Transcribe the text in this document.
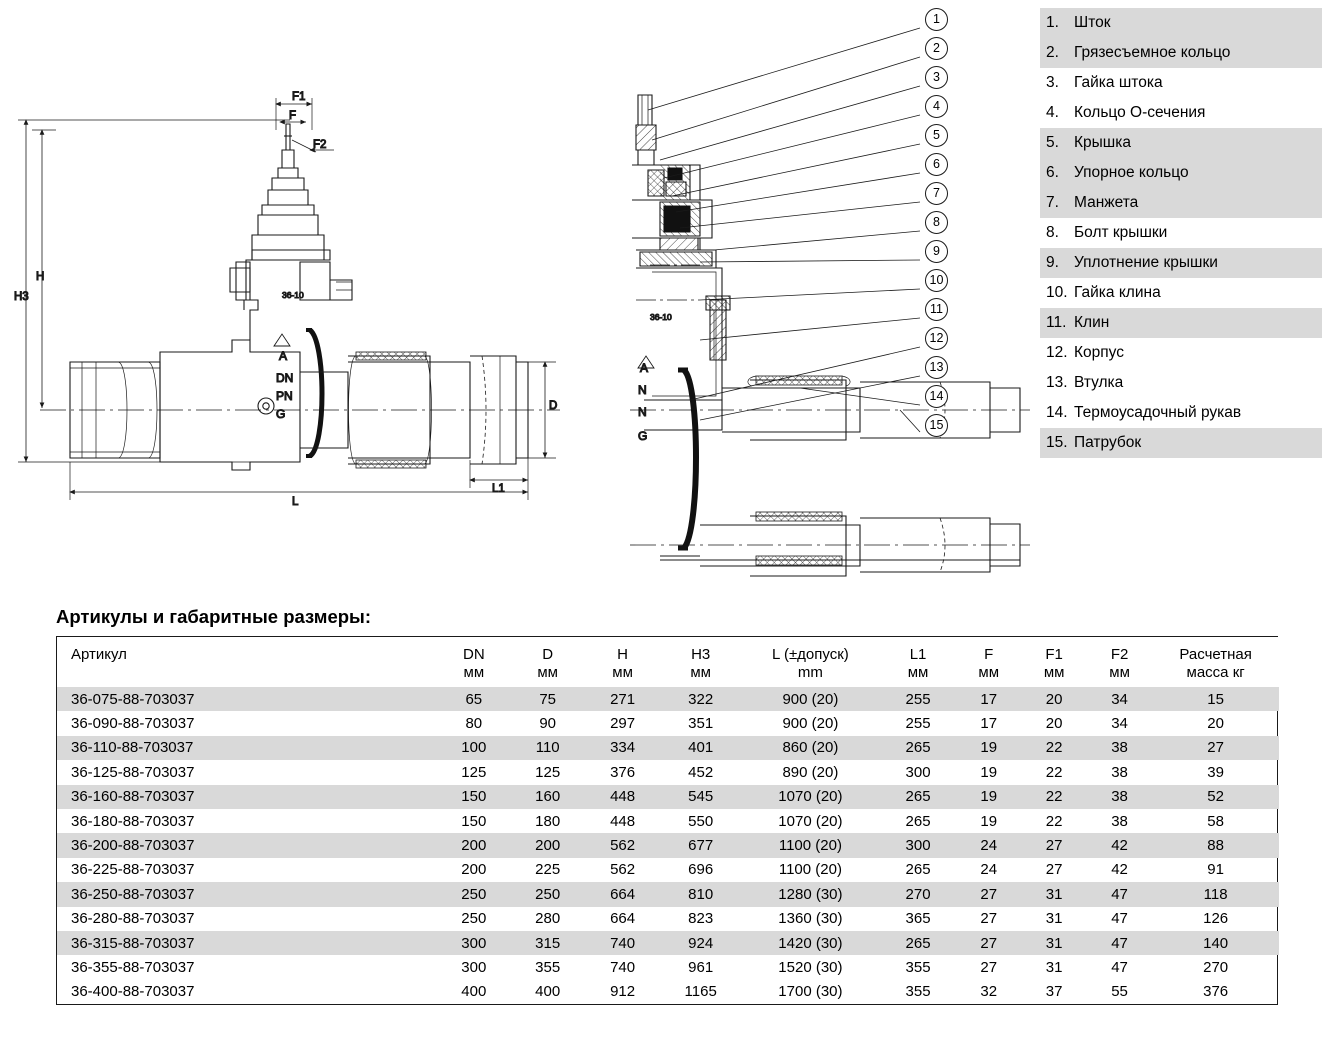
36-10
A
DN
PN
G
D
H
H3
L
L1
F1
F
F2
36-10
N
N
G
A
1
2
3
4
5
6
7
8
9
10
11
12
13
14
15
1. Шток
2. Грязесъемное кольцо
3. Гайка штока
4. Кольцо О-сечения
5. Крышка
6. Упорное кольцо
7. Манжета
8. Болт крышки
9. Уплотнение крышки
10. Гайка клина
11. Клин
12. Корпус
13. Втулка
14. Термоусадочный рукав
15. Патрубок
Артикулы и габаритные размеры:
Артикул	DN	D	H	H3	L (±допуск)	L1	F	F1	F2	Расчетная
	мм	мм	мм	мм	mm	мм	мм	мм	мм	масса кг
36-075-88-703037	65	75	271	322	900 (20)	255	17	20	34	15
36-090-88-703037	80	90	297	351	900 (20)	255	17	20	34	20
36-110-88-703037	100	110	334	401	860 (20)	265	19	22	38	27
36-125-88-703037	125	125	376	452	890 (20)	300	19	22	38	39
36-160-88-703037	150	160	448	545	1070 (20)	265	19	22	38	52
36-180-88-703037	150	180	448	550	1070 (20)	265	19	22	38	58
36-200-88-703037	200	200	562	677	1100 (20)	300	24	27	42	88
36-225-88-703037	200	225	562	696	1100 (20)	265	24	27	42	91
36-250-88-703037	250	250	664	810	1280 (30)	270	27	31	47	118
36-280-88-703037	250	280	664	823	1360 (30)	365	27	31	47	126
36-315-88-703037	300	315	740	924	1420 (30)	265	27	31	47	140
36-355-88-703037	300	355	740	961	1520 (30)	355	27	31	47	270
36-400-88-703037	400	400	912	1165	1700 (30)	355	32	37	55	376
